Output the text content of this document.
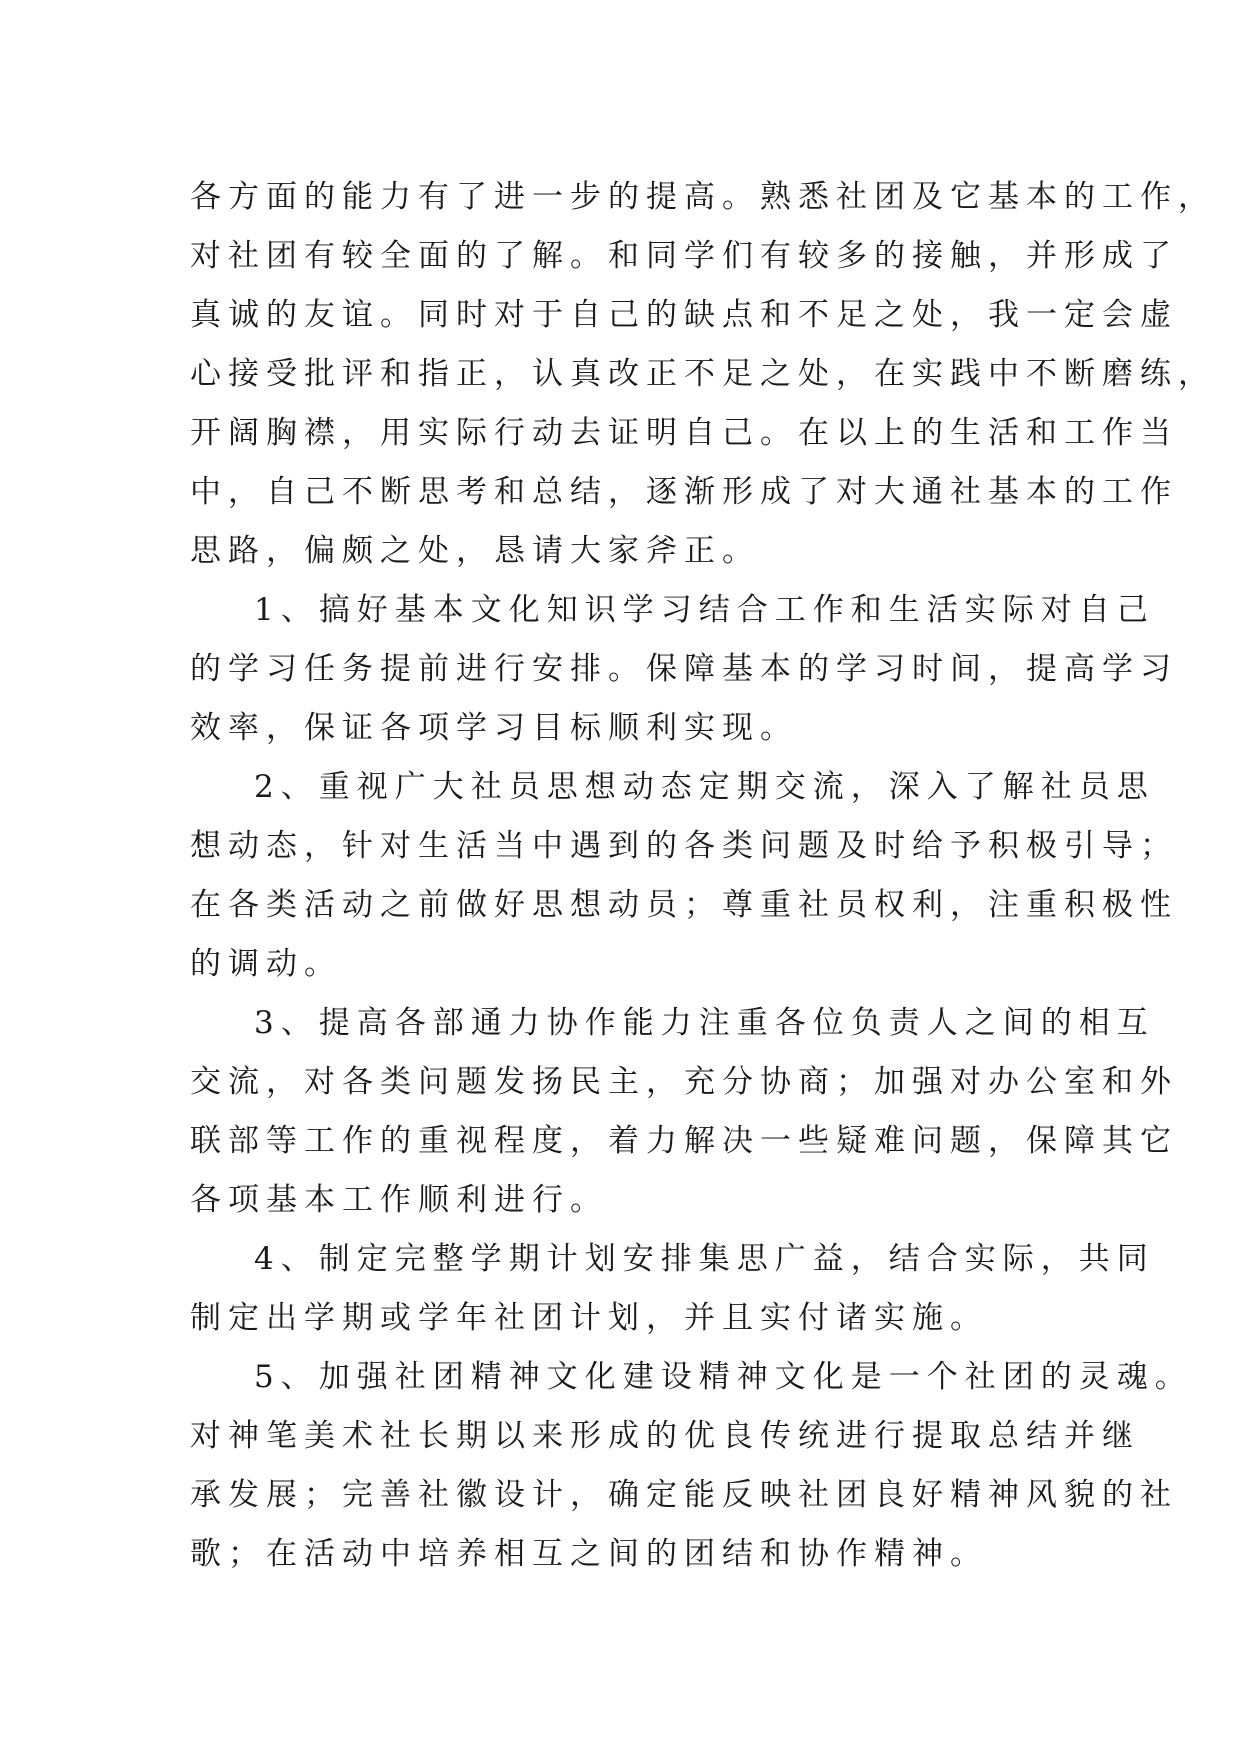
各方面的能力有了进一步的提高。熟悉社团及它基本的工作，
对社团有较全面的了解。和同学们有较多的接触，并形成了
真诚的友谊。同时对于自己的缺点和不足之处，我一定会虚
心接受批评和指正，认真改正不足之处，在实践中不断磨练，
开阔胸襟，用实际行动去证明自己。在以上的生活和工作当
中，自己不断思考和总结，逐渐形成了对大通社基本的工作
思路，偏颇之处，恳请大家斧正。
1、搞好基本文化知识学习结合工作和生活实际对自己
的学习任务提前进行安排。保障基本的学习时间，提高学习
效率，保证各项学习目标顺利实现。
2、重视广大社员思想动态定期交流，深入了解社员思
想动态，针对生活当中遇到的各类问题及时给予积极引导；
在各类活动之前做好思想动员；尊重社员权利，注重积极性
的调动。
3、提高各部通力协作能力注重各位负责人之间的相互
交流，对各类问题发扬民主，充分协商；加强对办公室和外
联部等工作的重视程度，着力解决一些疑难问题，保障其它
各项基本工作顺利进行。
4、制定完整学期计划安排集思广益，结合实际，共同
制定出学期或学年社团计划，并且实付诸实施。
5、加强社团精神文化建设精神文化是一个社团的灵魂。
对神笔美术社长期以来形成的优良传统进行提取总结并继
承发展；完善社徽设计，确定能反映社团良好精神风貌的社
歌；在活动中培养相互之间的团结和协作精神。
